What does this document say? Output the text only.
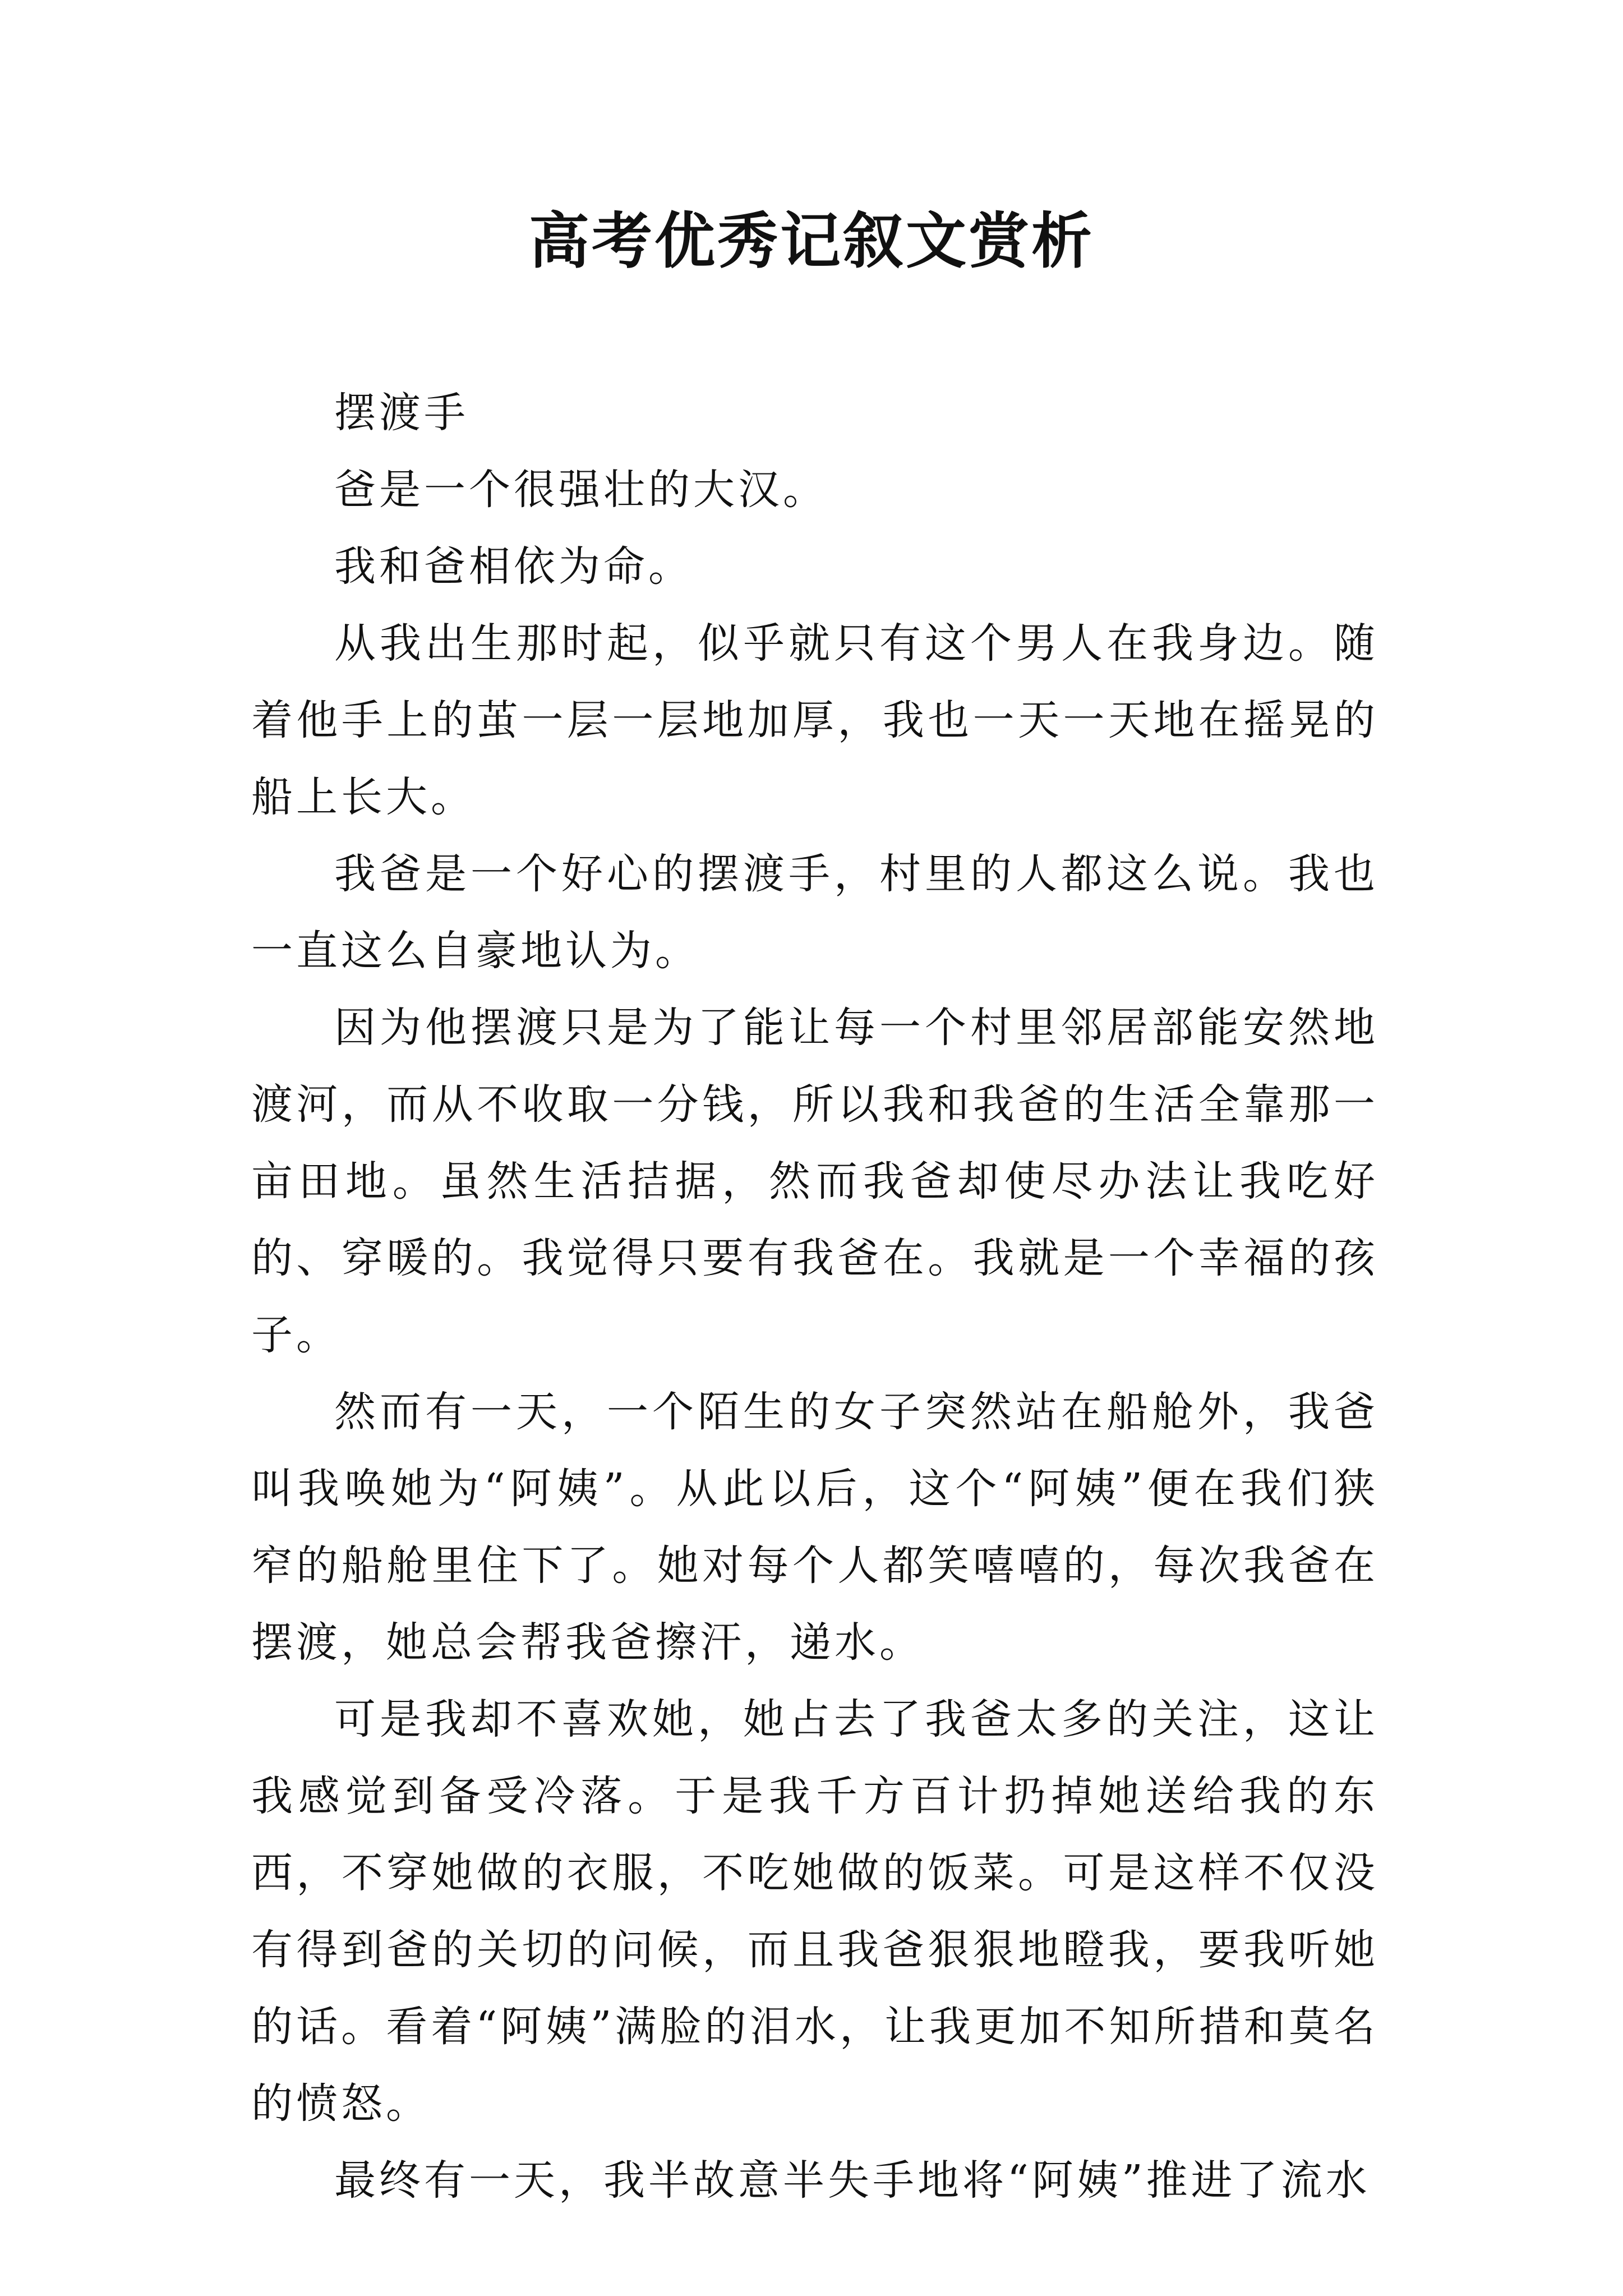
高考优秀记叙文赏析

摆渡手

爸是一个很强壮的大汉。

我和爸相依为命。

从我出生那时起，似乎就只有这个男人在我身边。随着他手上的茧一层一层地加厚，我也一天一天地在摇晃的船上长大。

我爸是一个好心的摆渡手，村里的人都这么说。我也一直这么自豪地认为。

因为他摆渡只是为了能让每一个村里邻居部能安然地渡河，而从不收取一分钱，所以我和我爸的生活全靠那一亩田地。虽然生活拮据，然而我爸却使尽办法让我吃好的、穿暖的。我觉得只要有我爸在。我就是一个幸福的孩子。

然而有一天，一个陌生的女子突然站在船舱外，我爸叫我唤她为“阿姨”。从此以后，这个“阿姨”便在我们狭窄的船舱里住下了。她对每个人都笑嘻嘻的，每次我爸在摆渡，她总会帮我爸擦汗，递水。

可是我却不喜欢她，她占去了我爸太多的关注，这让我感觉到备受冷落。于是我千方百计扔掉她送给我的东西，不穿她做的衣服，不吃她做的饭菜。可是这样不仅没有得到爸的关切的问候，而且我爸狠狠地瞪我，要我听她的话。看着“阿姨”满脸的泪水，让我更加不知所措和莫名的愤怒。

最终有一天，我半故意半失手地将“阿姨”推进了流水
